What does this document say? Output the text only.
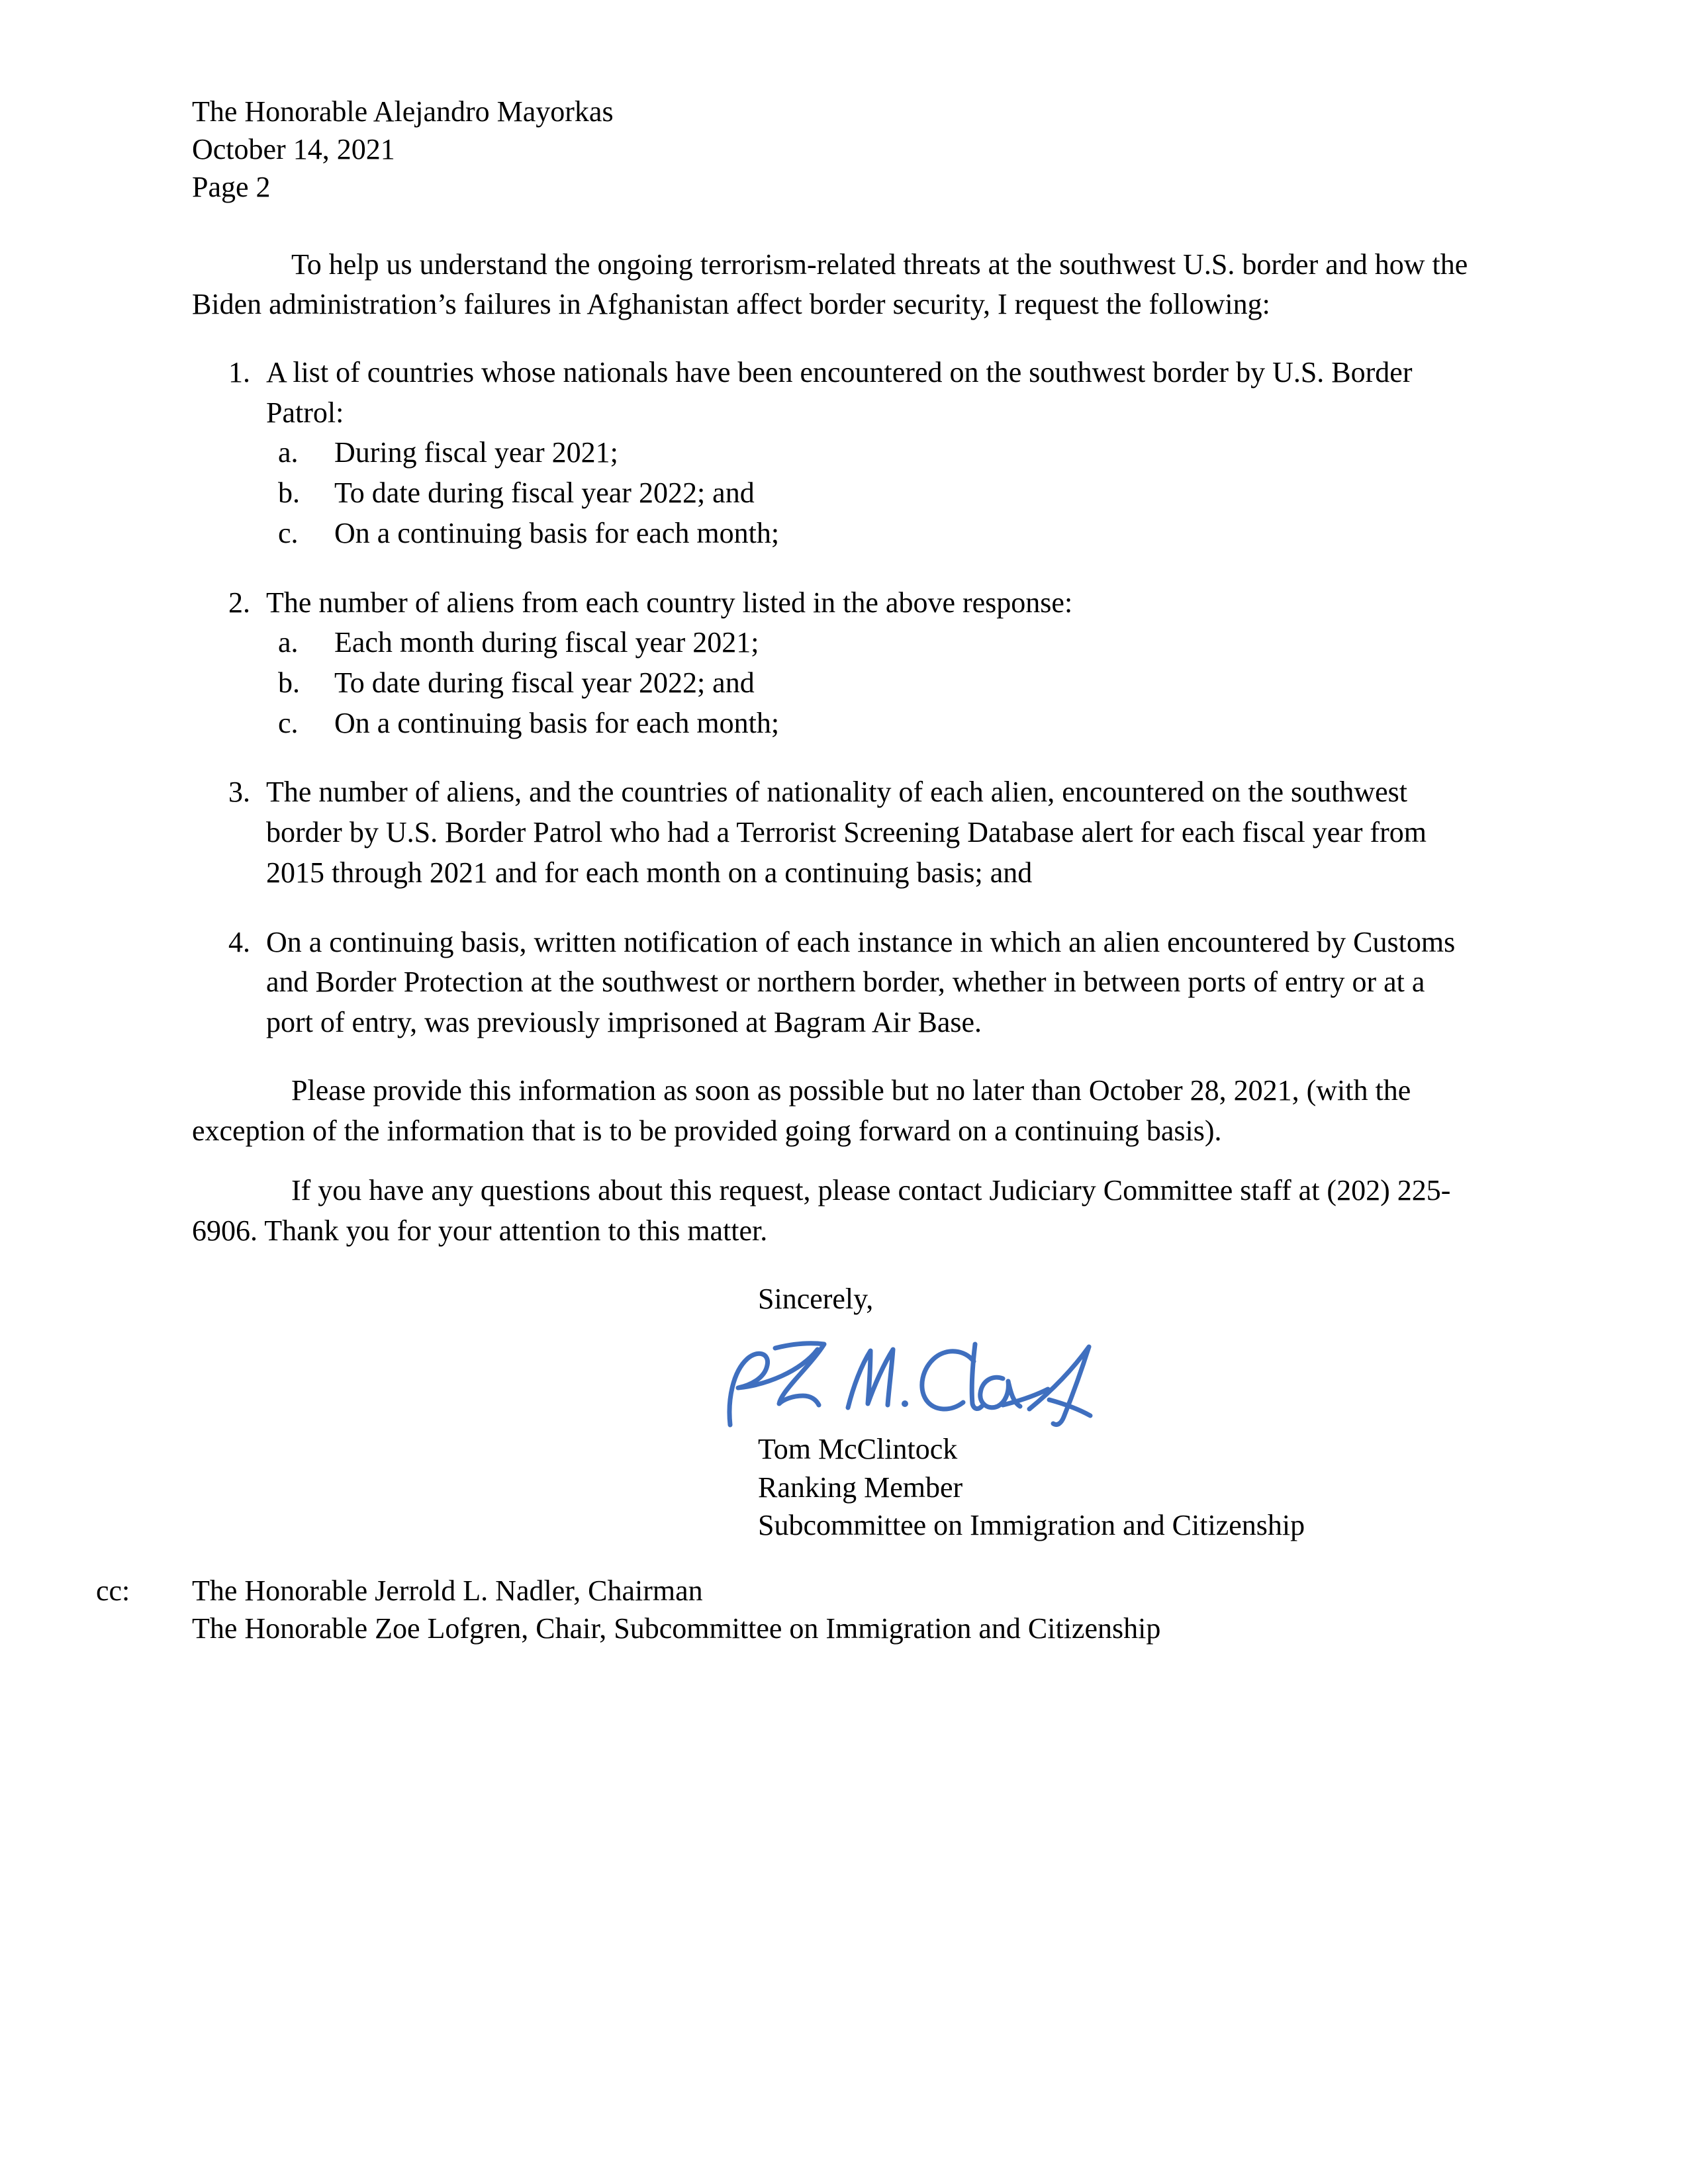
The Honorable Alejandro Mayorkas
October 14, 2021
Page 2

To help us understand the ongoing terrorism-related threats at the southwest U.S. border and how the Biden administration’s failures in Afghanistan affect border security, I request the following:

1. A list of countries whose nationals have been encountered on the southwest border by U.S. Border Patrol:
a.	During fiscal year 2021;
b.	To date during fiscal year 2022; and
c.	On a continuing basis for each month;
2. The number of aliens from each country listed in the above response:
a.	Each month during fiscal year 2021;
b.	To date during fiscal year 2022; and
c.	On a continuing basis for each month;
3. The number of aliens, and the countries of nationality of each alien, encountered on the southwest border by U.S. Border Patrol who had a Terrorist Screening Database alert for each fiscal year from 2015 through 2021 and for each month on a continuing basis; and
4. On a continuing basis, written notification of each instance in which an alien encountered by Customs and Border Protection at the southwest or northern border, whether in between ports of entry or at a port of entry, was previously imprisoned at Bagram Air Base.

Please provide this information as soon as possible but no later than October 28, 2021, (with the exception of the information that is to be provided going forward on a continuing basis).

If you have any questions about this request, please contact Judiciary Committee staff at (202) 225-6906. Thank you for your attention to this matter.

Sincerely,
Tom McClintock
Ranking Member
Subcommittee on Immigration and Citizenship
cc: The Honorable Jerrold L. Nadler, Chairman
The Honorable Zoe Lofgren, Chair, Subcommittee on Immigration and Citizenship
